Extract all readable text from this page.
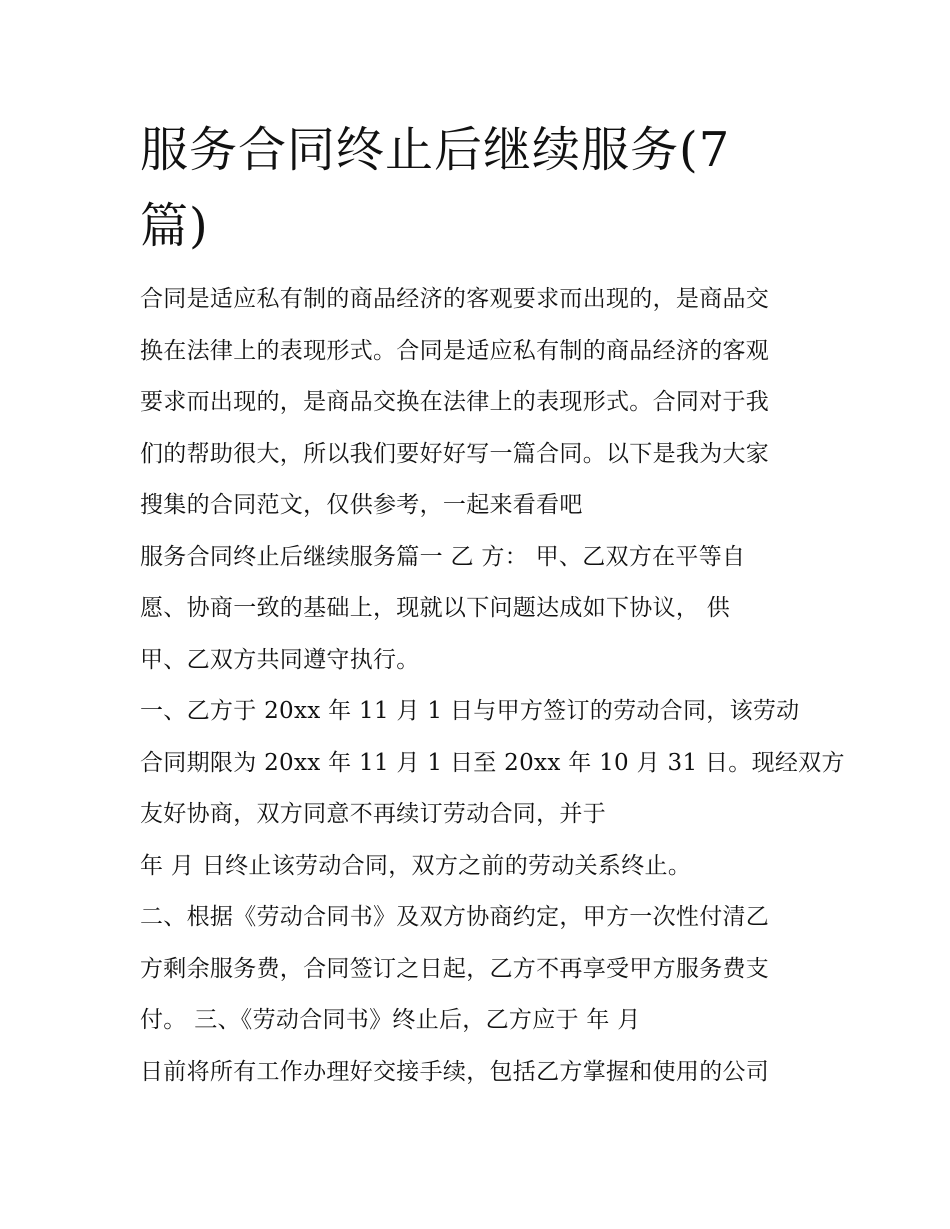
服务合同终止后继续服务(7篇)
合同是适应私有制的商品经济的客观要求而出现的，是商品交
换在法律上的表现形式。合同是适应私有制的商品经济的客观
要求而出现的，是商品交换在法律上的表现形式。合同对于我
们的帮助很大，所以我们要好好写一篇合同。以下是我为大家
搜集的合同范文，仅供参考，一起来看看吧
服务合同终止后继续服务篇一 乙 方： 甲、乙双方在平等自
愿、协商一致的基础上，现就以下问题达成如下协议， 供
甲、乙双方共同遵守执行。
一、乙方于 20xx 年 11 月 1 日与甲方签订的劳动合同，该劳动
合同期限为 20xx 年 11 月 1 日至 20xx 年 10 月 31 日。现经双方
友好协商，双方同意不再续订劳动合同，并于
年 月 日终止该劳动合同，双方之前的劳动关系终止。
二、根据《劳动合同书》及双方协商约定，甲方一次性付清乙
方剩余服务费，合同签订之日起，乙方不再享受甲方服务费支
付。 三、《劳动合同书》终止后，乙方应于 年 月
日前将所有工作办理好交接手续，包括乙方掌握和使用的公司
